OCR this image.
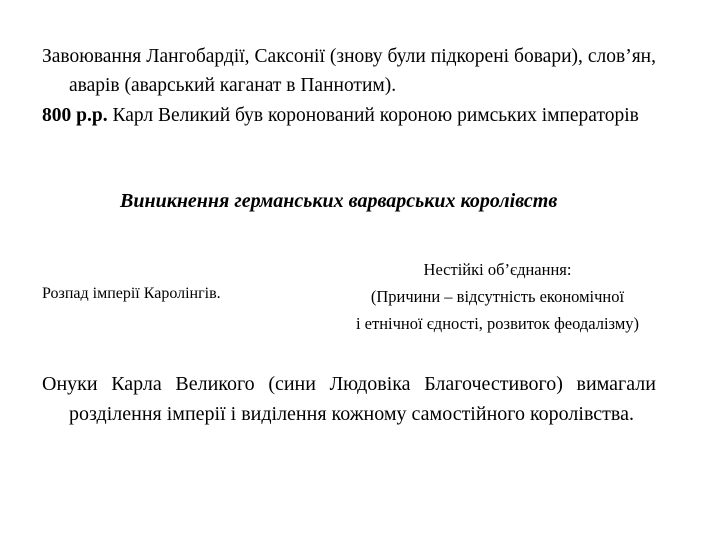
Завоювання Лангобардії, Саксонії (знову були підкорені бовари), слов’ян, аварів (аварський каганат в Паннотим).

800 р.р. Карл Великий був коронований короною римських імператорів

Виникнення германських варварських королівств

Розпад імперії Каролінгів.

Нестійкі об’єднання:
(Причини – відсутність економічної
і етнічної єдності, розвиток феодалізму)

Онуки Карла Великого (сини Людовіка Благочестивого) вимагали розділення імперії і виділення кожному самостійного королівства.
